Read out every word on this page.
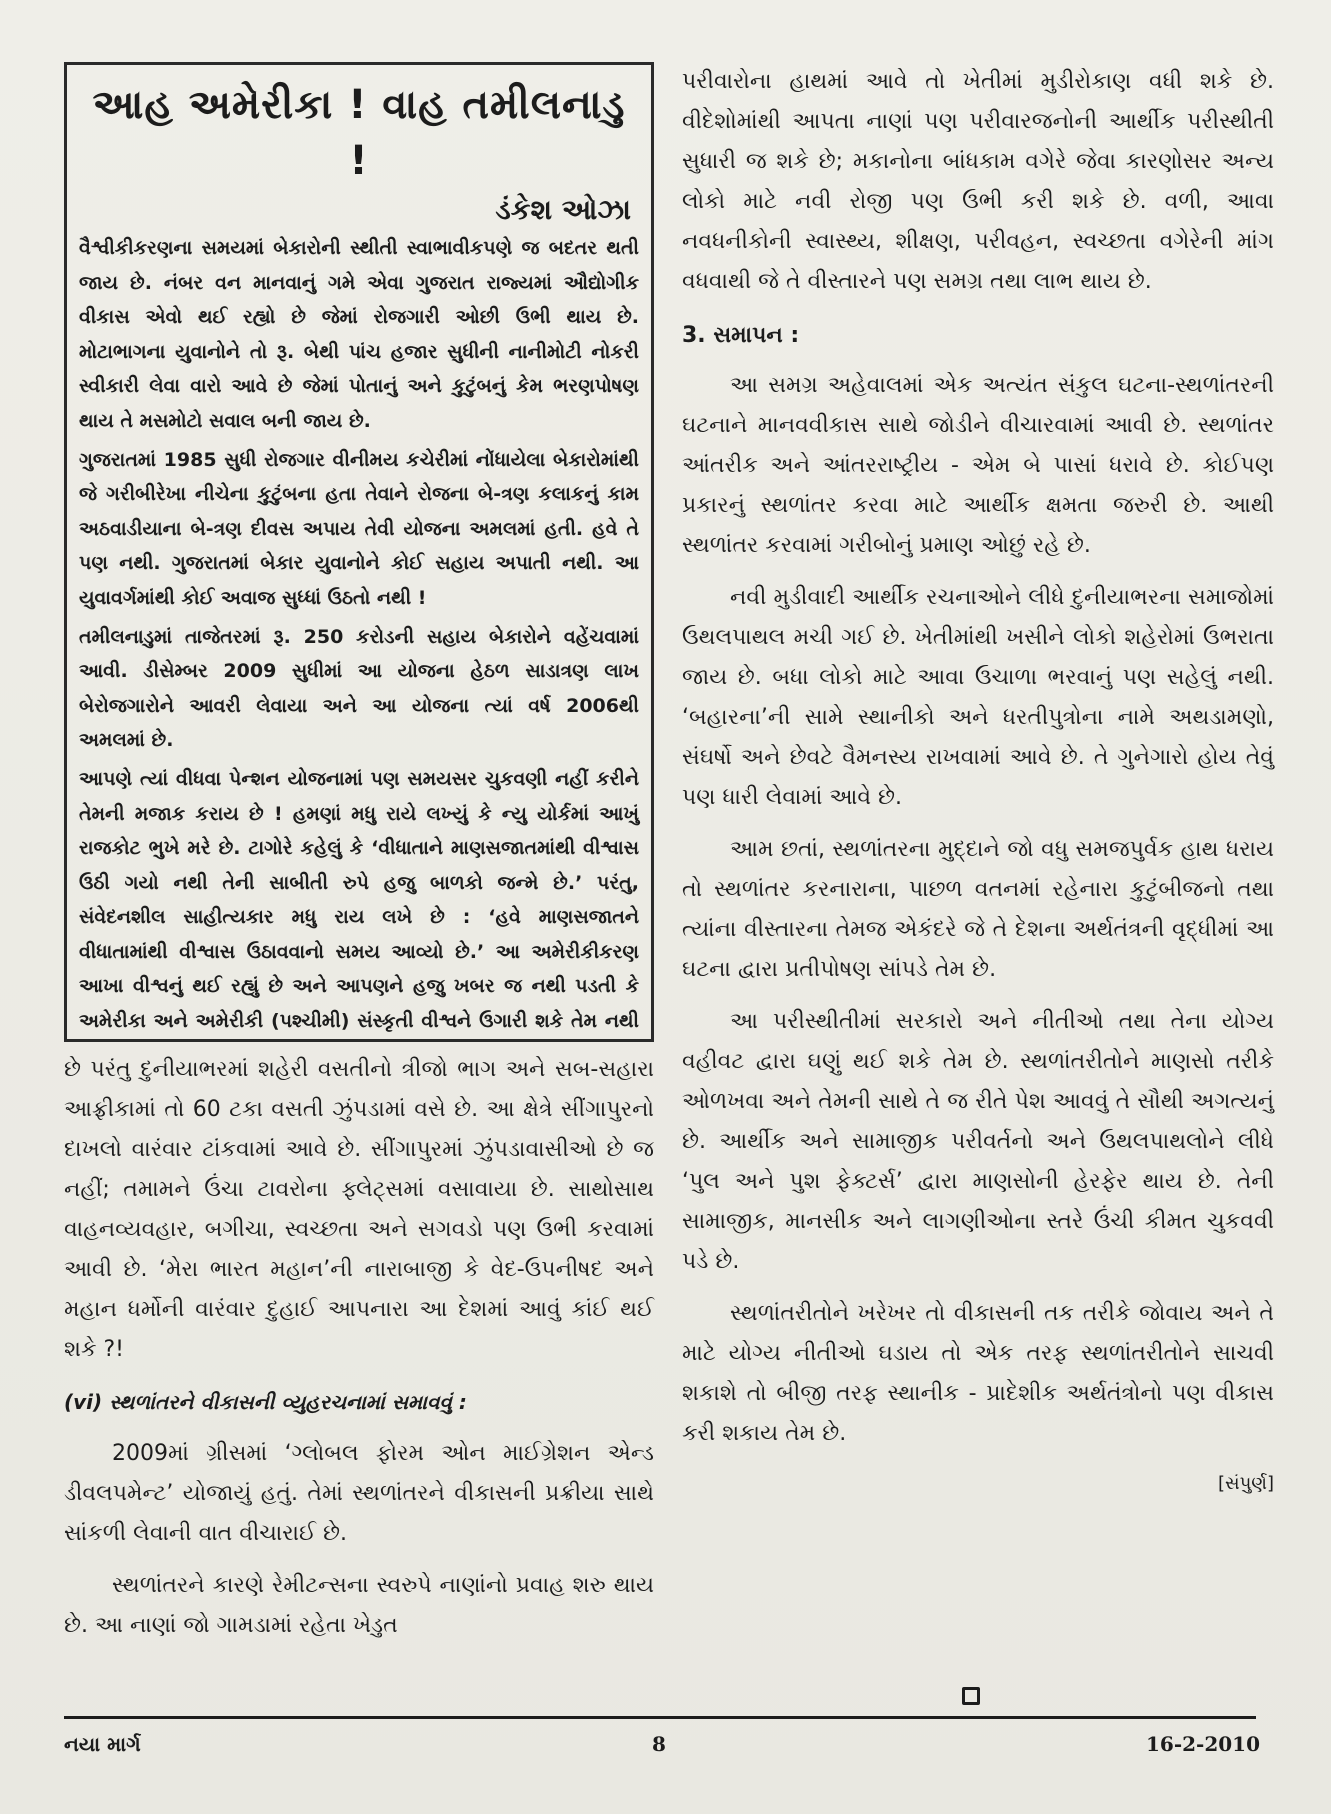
આહ અમેરીકા ! વાહ તમીલનાડુ !
ડંકેશ ઓઝા

વૈશ્વીકીકરણના સમયમાં બેકારોની સ્થીતી સ્વાભાવીકપણે જ બદતર થતી જાય છે. નંબર વન માનવાનું ગમે એવા ગુજરાત રાજ્યમાં ઔદ્યોગીક વીકાસ એવો થઈ રહ્યો છે જેમાં રોજગારી ઓછી ઉભી થાય છે. મોટાભાગના યુવાનોને તો રૂ. બેથી પાંચ હજાર સુધીની નાનીમોટી નોકરી સ્વીકારી લેવા વારો આવે છે જેમાં પોતાનું અને કુટુંબનું કેમ ભરણપોષણ થાય તે મસમોટો સવાલ બની જાય છે.

ગુજરાતમાં 1985 સુધી રોજગાર વીનીમય કચેરીમાં નોંધાયેલા બેકારોમાંથી જે ગરીબીરેખા નીચેના કુટુંબના હતા તેવાને રોજના બે-ત્રણ કલાકનું કામ અઠવાડીયાના બે-ત્રણ દીવસ અપાય તેવી યોજના અમલમાં હતી. હવે તે પણ નથી. ગુજરાતમાં બેકાર યુવાનોને કોઈ સહાય અપાતી નથી. આ યુવાવર્ગમાંથી કોઈ અવાજ સુધ્ધાં ઉઠતો નથી !

તમીલનાડુમાં તાજેતરમાં રૂ. 250 કરોડની સહાય બેકારોને વહેંચવામાં આવી. ડીસેમ્બર 2009 સુધીમાં આ યોજના હેઠળ સાડાત્રણ લાખ બેરોજગારોને આવરી લેવાયા અને આ યોજના ત્યાં વર્ષ 2006થી અમલમાં છે.

આપણે ત્યાં વીધવા પેન્શન યોજનામાં પણ સમયસર ચુકવણી નહીં કરીને તેમની મજાક કરાય છે ! હમણાં મધુ રાયે લખ્યું કે ન્યુ યોર્કમાં આખું રાજકોટ ભુખે મરે છે. ટાગોરે કહેલું કે ‘વીધાતાને માણસજાતમાંથી વીશ્વાસ ઉઠી ગયો નથી તેની સાબીતી રુપે હજુ બાળકો જન્મે છે.’ પરંતુ, સંવેદનશીલ સાહીત્યકાર મધુ રાય લખે છે : ‘હવે માણસજાતને વીધાતામાંથી વીશ્વાસ ઉઠાવવાનો સમય આવ્યો છે.’ આ અમેરીકીકરણ આખા વીશ્વનું થઈ રહ્યું છે અને આપણને હજુ ખબર જ નથી પડતી કે અમેરીકા અને અમેરીકી (પશ્ચીમી) સંસ્કૃતી વીશ્વને ઉગારી શકે તેમ નથી

છે પરંતુ દુનીયાભરમાં શહેરી વસતીનો ત્રીજો ભાગ અને સબ-સહારા આફ્રીકામાં તો 60 ટકા વસતી ઝુંપડામાં વસે છે. આ ક્ષેત્રે સીંગાપુરનો દાખલો વારંવાર ટાંકવામાં આવે છે. સીંગાપુરમાં ઝુંપડાવાસીઓ છે જ નહીં; તમામને ઉંચા ટાવરોના ફ્લેટ્સમાં વસાવાયા છે. સાથોસાથ વાહનવ્યવહાર, બગીચા, સ્વચ્છતા અને સગવડો પણ ઉભી કરવામાં આવી છે. ‘મેરા ભારત મહાન’ની નારાબાજી કે વેદ-ઉપનીષદ અને મહાન ધર્મોની વારંવાર દુહાઈ આપનારા આ દેશમાં આવું કાંઈ થઈ શકે ?!

(vi) સ્થળાંતરને વીકાસની વ્યુહરચનામાં સમાવવું :

2009માં ગ્રીસમાં ‘ગ્લોબલ ફોરમ ઓન માઈગ્રેશન એન્ડ ડીવલપમેન્ટ’ યોજાયું હતું. તેમાં સ્થળાંતરને વીકાસની પ્રક્રીયા સાથે સાંકળી લેવાની વાત વીચારાઈ છે.

સ્થળાંતરને કારણે રેમીટન્સના સ્વરુપે નાણાંનો પ્રવાહ શરુ થાય છે. આ નાણાં જો ગામડામાં રહેતા ખેડુત

પરીવારોના હાથમાં આવે તો ખેતીમાં મુડીરોકાણ વધી શકે છે. વીદેશોમાંથી આપતા નાણાં પણ પરીવારજનોની આર્થીક પરીસ્થીતી સુધારી જ શકે છે; મકાનોના બાંધકામ વગેરે જેવા કારણોસર અન્ય લોકો માટે નવી રોજી પણ ઉભી કરી શકે છે. વળી, આવા નવધનીકોની સ્વાસ્થ્ય, શીક્ષણ, પરીવહન, સ્વચ્છતા વગેરેની માંગ વધવાથી જે તે વીસ્તારને પણ સમગ્ર તથા લાભ થાય છે.

3. સમાપન :

આ સમગ્ર અહેવાલમાં એક અત્યંત સંકુલ ઘટના-સ્થળાંતરની ઘટનાને માનવવીકાસ સાથે જોડીને વીચારવામાં આવી છે. સ્થળાંતર આંતરીક અને આંતરરાષ્ટ્રીય - એમ બે પાસાં ધરાવે છે. કોઈપણ પ્રકારનું સ્થળાંતર કરવા માટે આર્થીક ક્ષમતા જરુરી છે. આથી સ્થળાંતર કરવામાં ગરીબોનું પ્રમાણ ઓછું રહે છે.

નવી મુડીવાદી આર્થીક રચનાઓને લીધે દુનીયાભરના સમાજોમાં ઉથલપાથલ મચી ગઈ છે. ખેતીમાંથી ખસીને લોકો શહેરોમાં ઉભરાતા જાય છે. બધા લોકો માટે આવા ઉચાળા ભરવાનું પણ સહેલું નથી. ‘બહારના’ની સામે સ્થાનીકો અને ધરતીપુત્રોના નામે અથડામણો, સંઘર્ષો અને છેવટે વૈમનસ્ય રાખવામાં આવે છે. તે ગુનેગારો હોય તેવું પણ ધારી લેવામાં આવે છે.

આમ છતાં, સ્થળાંતરના મુદ્દાને જો વધુ સમજપુર્વક હાથ ધરાય તો સ્થળાંતર કરનારાના, પાછળ વતનમાં રહેનારા કુટુંબીજનો તથા ત્યાંના વીસ્તારના તેમજ એકંદરે જે તે દેશના અર્થતંત્રની વૃદ્ધીમાં આ ઘટના દ્વારા પ્રતીપોષણ સાંપડે તેમ છે.

આ પરીસ્થીતીમાં સરકારો અને નીતીઓ તથા તેના યોગ્ય વહીવટ દ્વારા ઘણું થઈ શકે તેમ છે. સ્થળાંતરીતોને માણસો તરીકે ઓળખવા અને તેમની સાથે તે જ રીતે પેશ આવવું તે સૌથી અગત્યનું છે. આર્થીક અને સામાજીક પરીવર્તનો અને ઉથલપાથલોને લીધે ‘પુલ અને પુશ ફેક્ટર્સ’ દ્વારા માણસોની હેરફેર થાય છે. તેની સામાજીક, માનસીક અને લાગણીઓના સ્તરે ઉંચી કીમત ચુકવવી પડે છે.

સ્થળાંતરીતોને ખરેખર તો વીકાસની તક તરીકે જોવાય અને તે માટે યોગ્ય નીતીઓ ઘડાય તો એક તરફ સ્થળાંતરીતોને સાચવી શકાશે તો બીજી તરફ સ્થાનીક - પ્રાદેશીક અર્થતંત્રોનો પણ વીકાસ કરી શકાય તેમ છે.

[સંપુર્ણ]
નયા માર્ગ	8	16-2-2010
